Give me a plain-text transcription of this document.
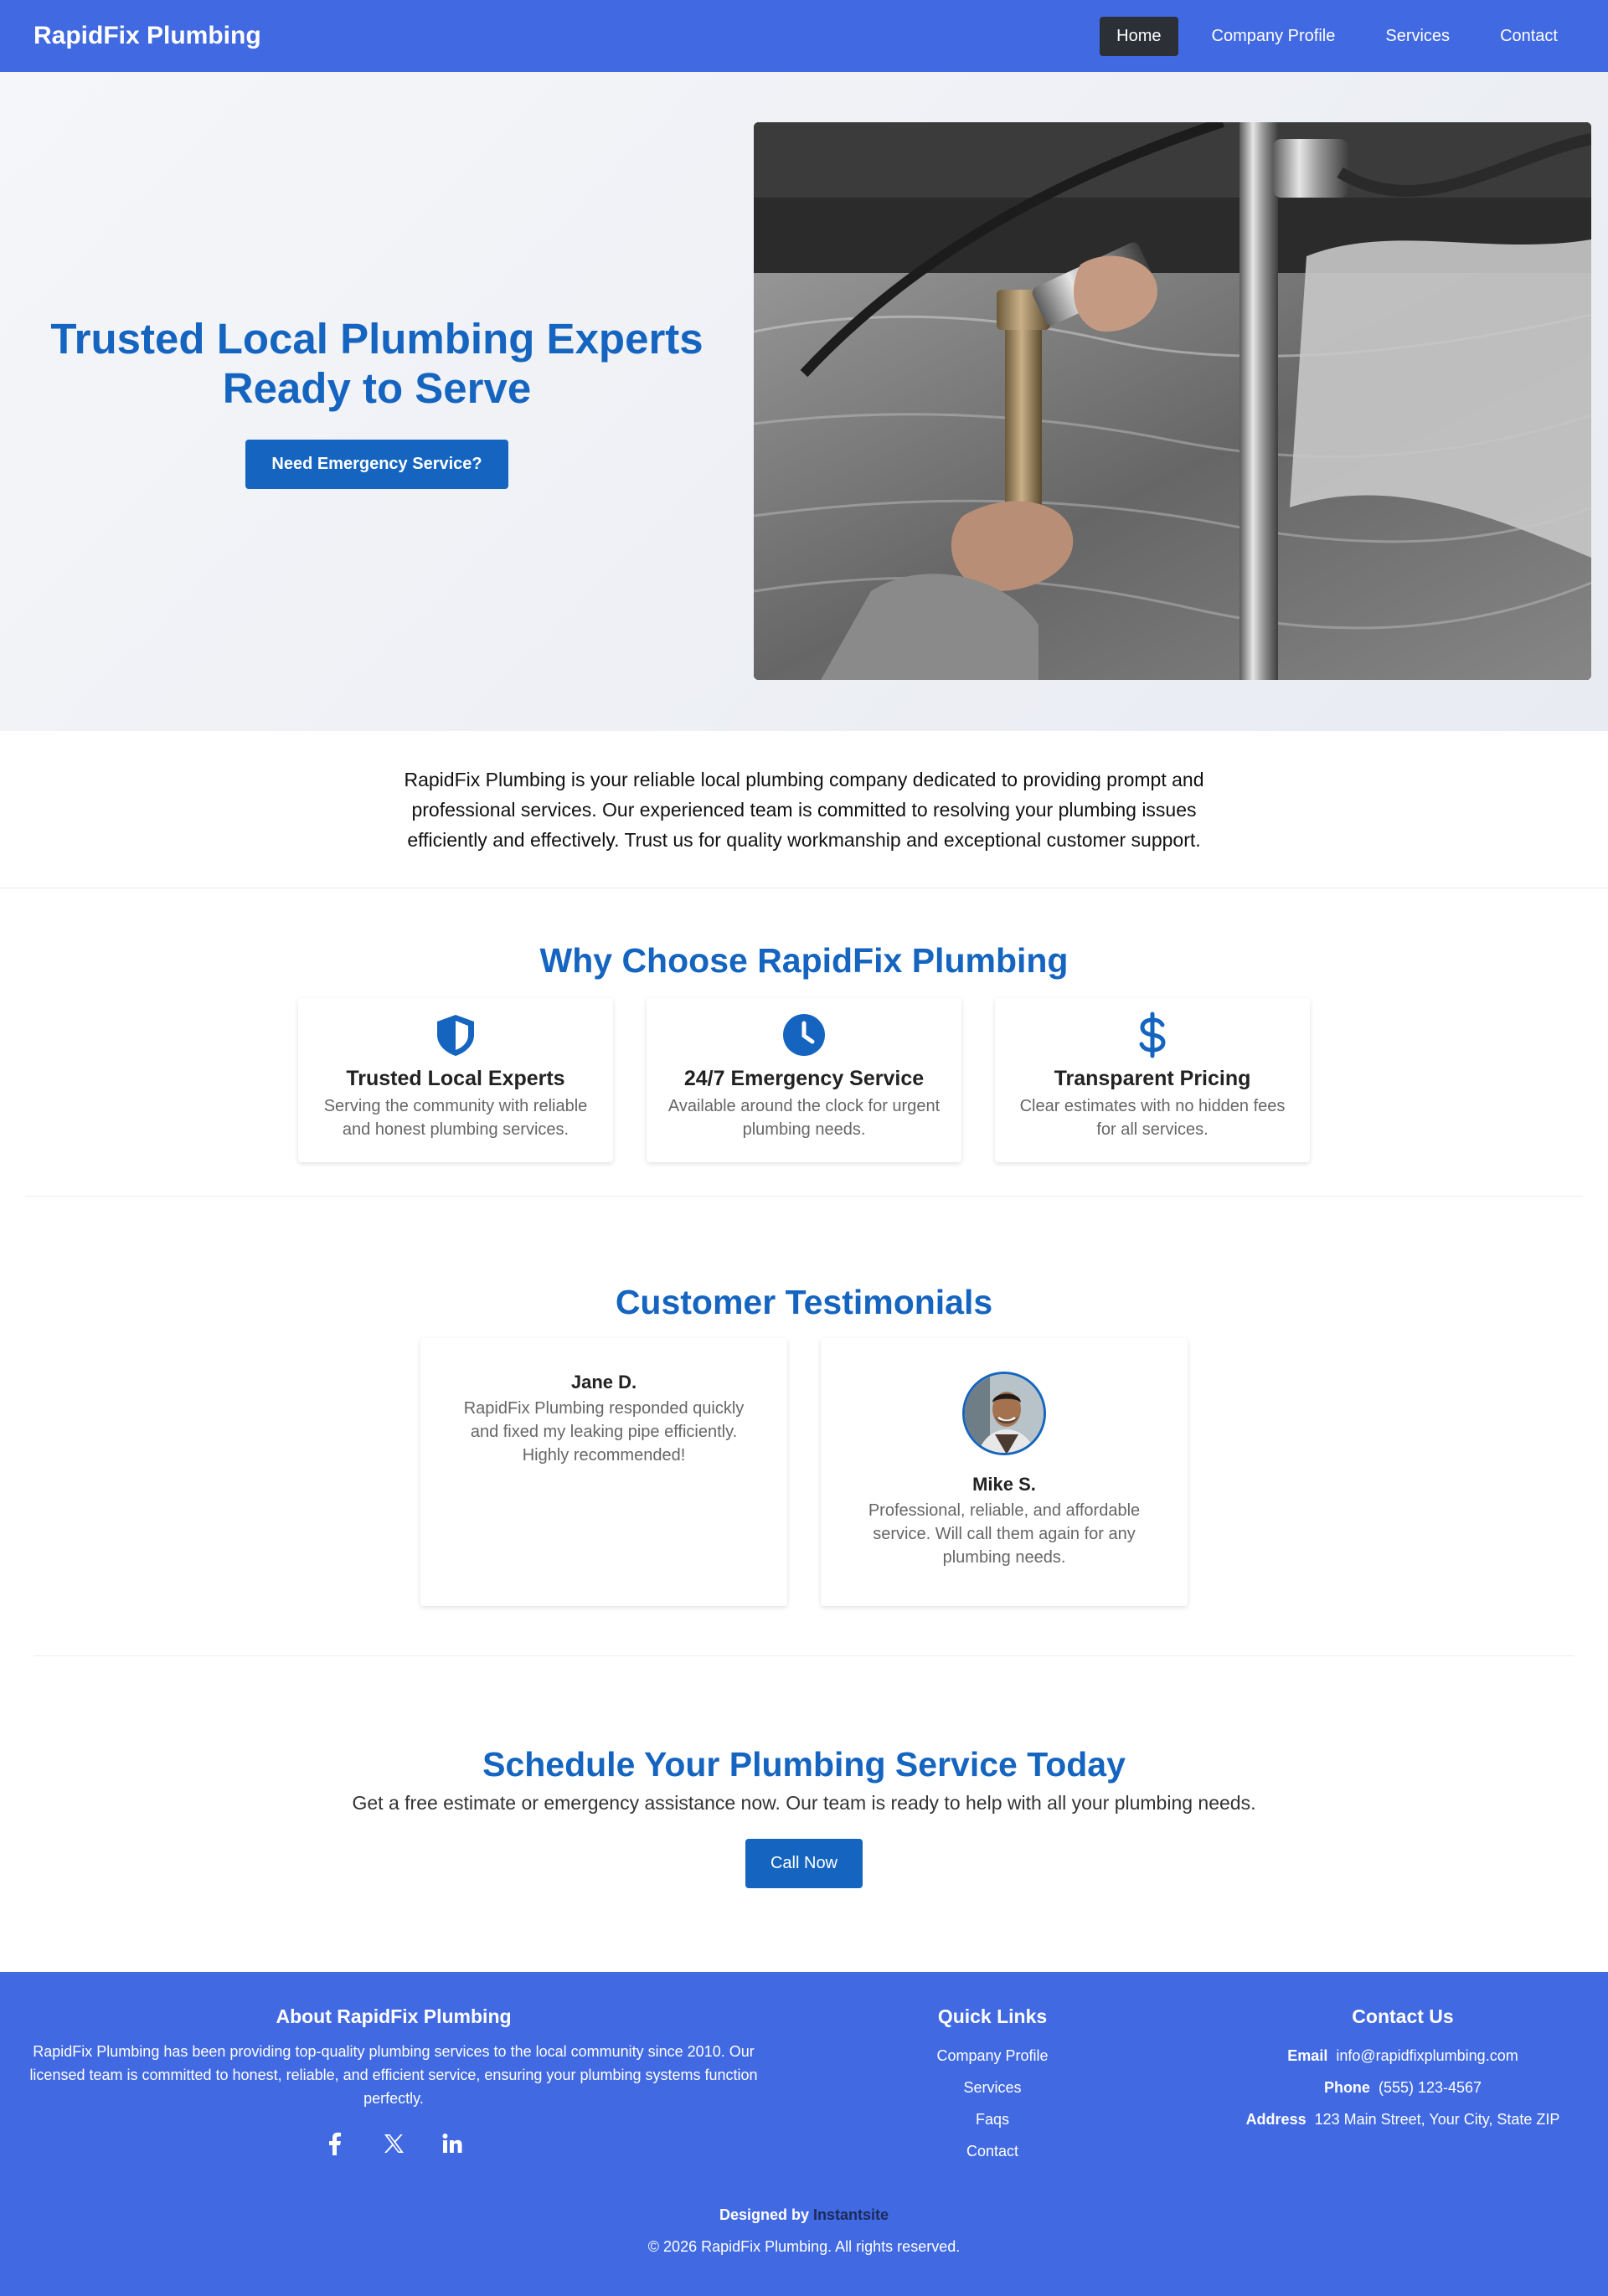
RapidFix Plumbing	Home	Company Profile	Services	Contact
Trusted Local Plumbing Experts
Ready to Serve
Need Emergency Service?

RapidFix Plumbing is your reliable local plumbing company dedicated to providing prompt and professional services. Our experienced team is committed to resolving your plumbing issues efficiently and effectively. Trust us for quality workmanship and exceptional customer support.

Why Choose RapidFix Plumbing
Trusted Local Experts
Serving the community with reliable and honest plumbing services.
24/7 Emergency Service
Available around the clock for urgent plumbing needs.
Transparent Pricing
Clear estimates with no hidden fees for all services.
Customer Testimonials
Jane D.
RapidFix Plumbing responded quickly and fixed my leaking pipe efficiently. Highly recommended!
Mike S.
Professional, reliable, and affordable service. Will call them again for any plumbing needs.
Schedule Your Plumbing Service Today
Get a free estimate or emergency assistance now. Our team is ready to help with all your plumbing needs.
Call Now
About RapidFix Plumbing
RapidFix Plumbing has been providing top-quality plumbing services to the local community since 2010. Our licensed team is committed to honest, reliable, and efficient service, ensuring your plumbing systems function perfectly.
Quick Links
Company Profile
Services
Faqs
Contact
Contact Us
Email info@rapidfixplumbing.com
Phone (555) 123-4567
Address 123 Main Street, Your City, State ZIP
Designed by Instantsite
© 2026 RapidFix Plumbing. All rights reserved.
